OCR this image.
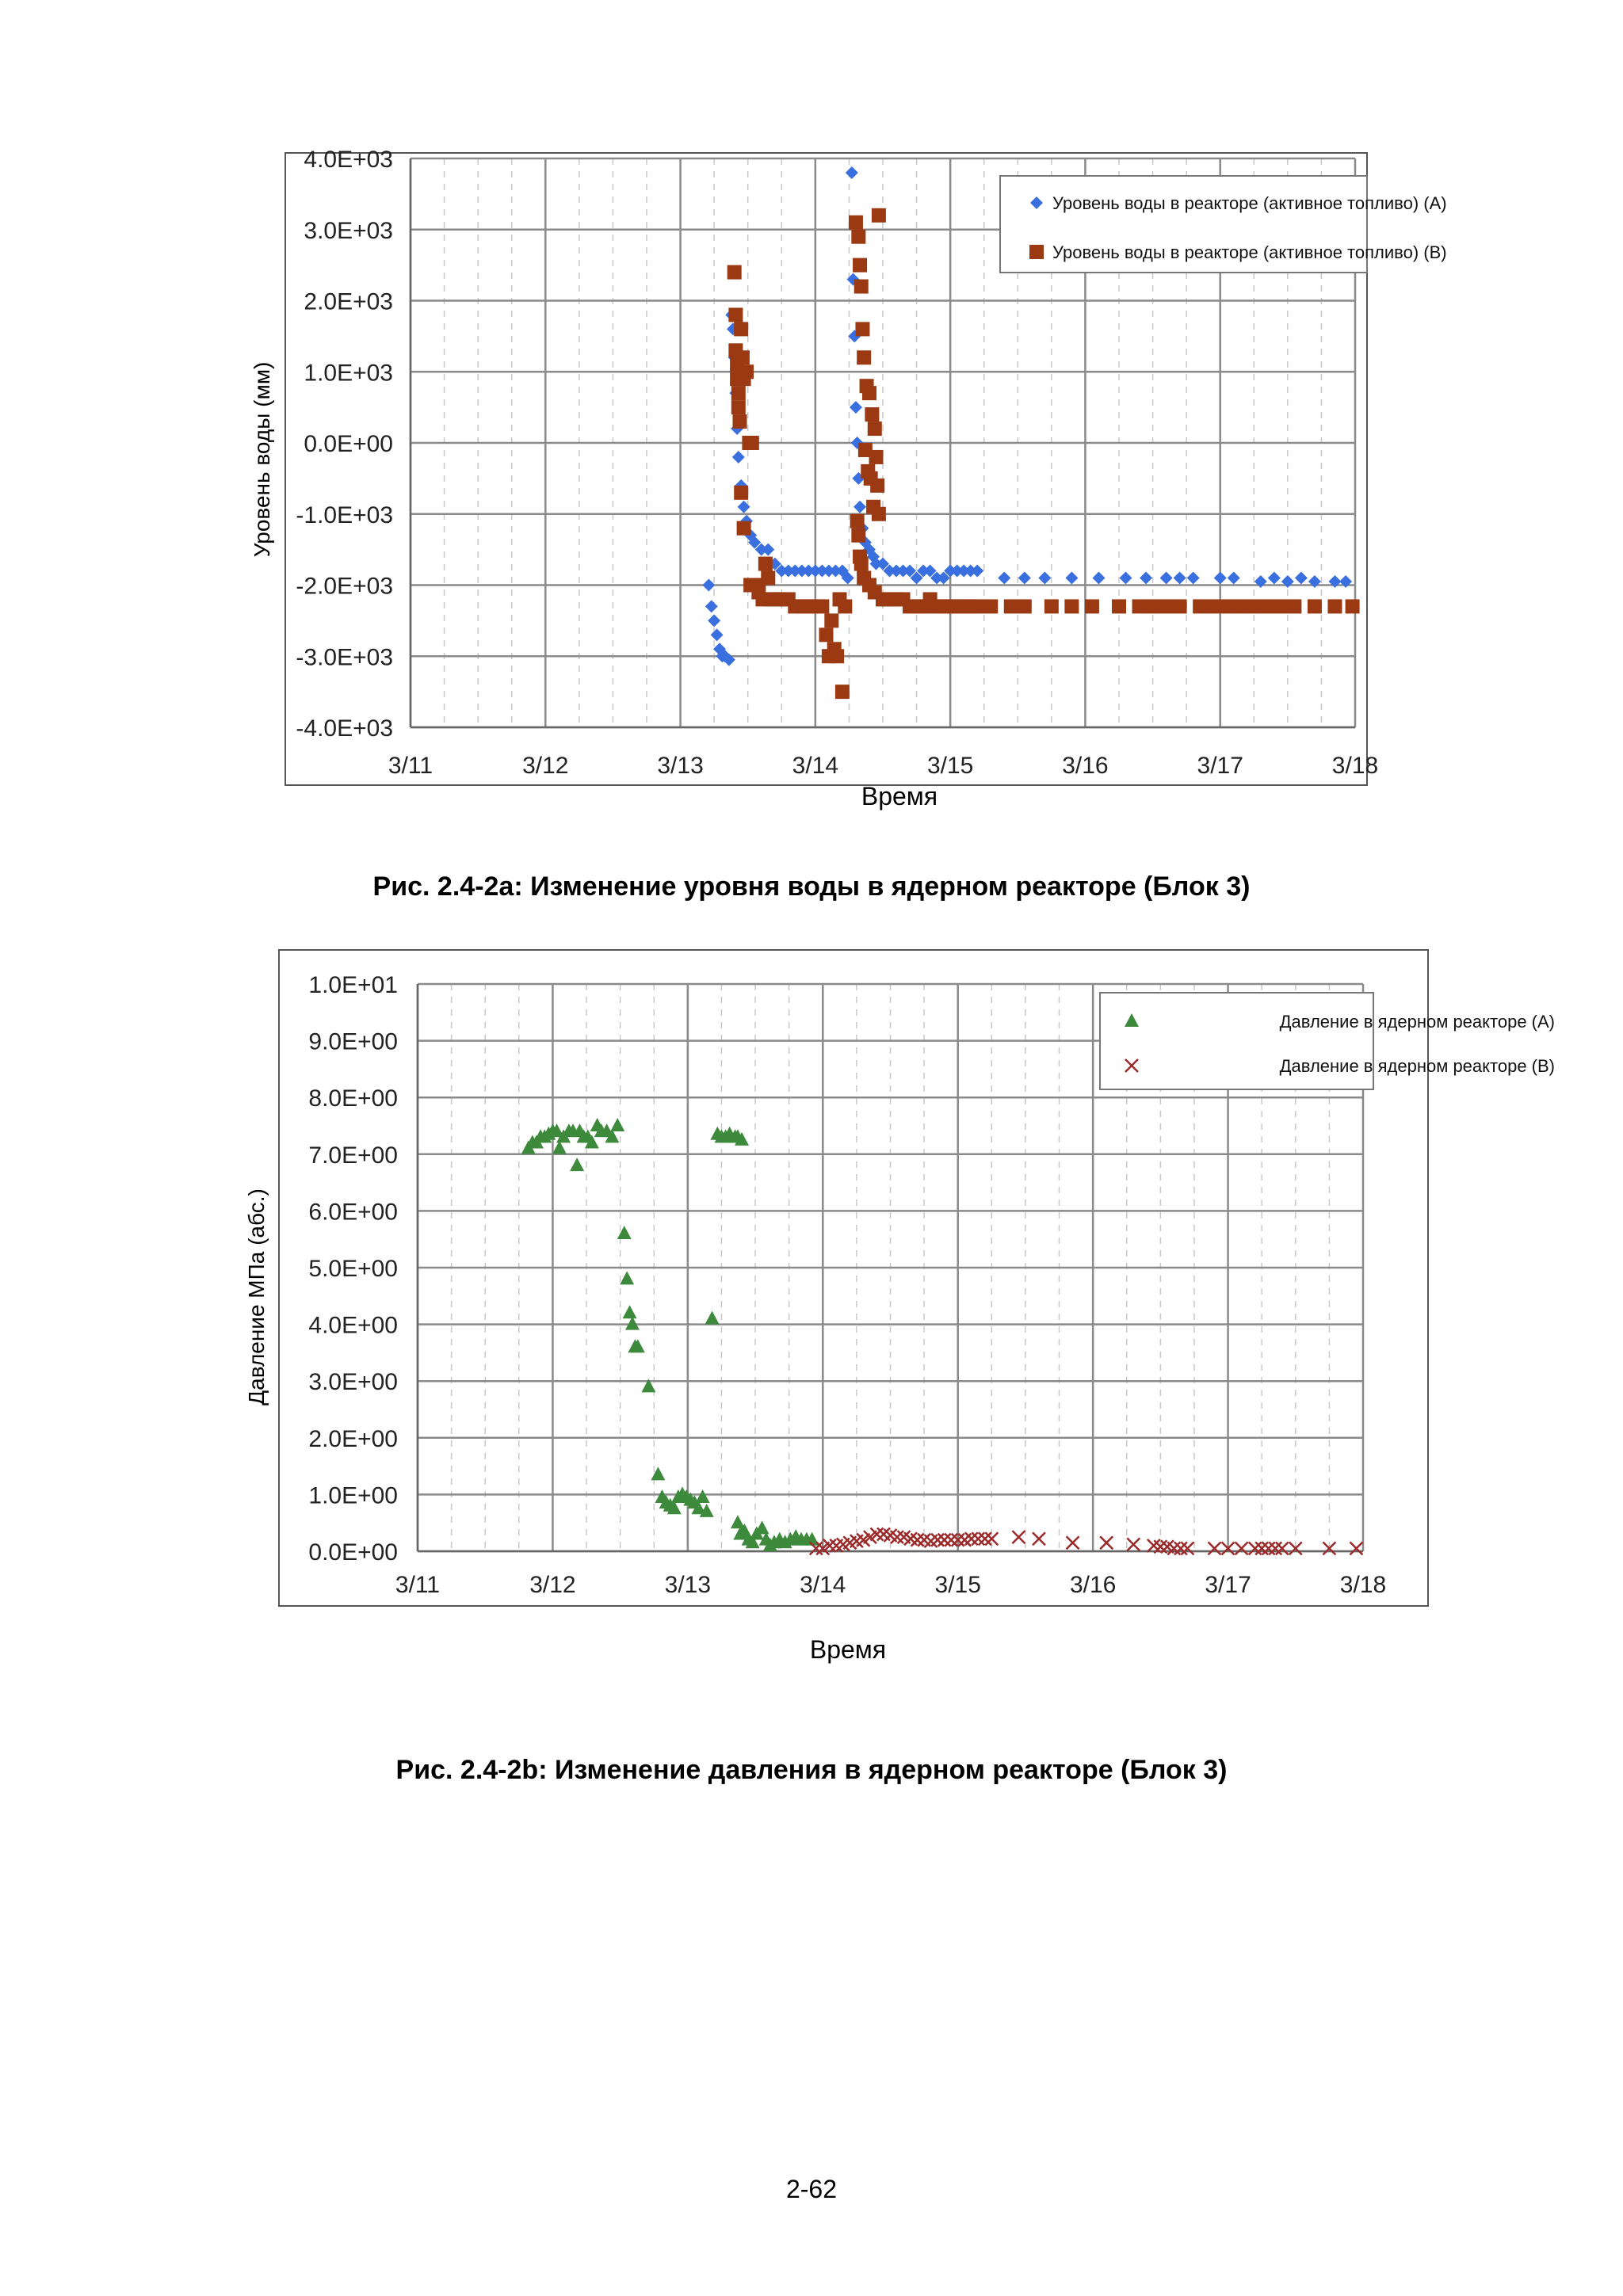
-4.0E+03
-3.0E+03
-2.0E+03
-1.0E+03
0.0E+00
1.0E+03
2.0E+03
3.0E+03
4.0E+03
3/11	3/12	3/13	3/14	3/15	3/16	3/17	3/18
Уровень воды (мм)
Время
Уровень воды в реакторе (активное топливо) (A)
Уровень воды в реакторе (активное топливо) (B)
Рис. 2.4-2a: Изменение уровня воды в ядерном реакторе (Блок 3)
0.0E+00
1.0E+00
2.0E+00
3.0E+00
4.0E+00
5.0E+00
6.0E+00
7.0E+00
8.0E+00
9.0E+00
1.0E+01
3/11	3/12	3/13	3/14	3/15	3/16	3/17	3/18
Давление МПа (абс.)
Время
Давление в ядерном реакторе (A)
Давление в ядерном реакторе (B)
Рис. 2.4-2b: Изменение давления в ядерном реакторе (Блок 3)
2-62
